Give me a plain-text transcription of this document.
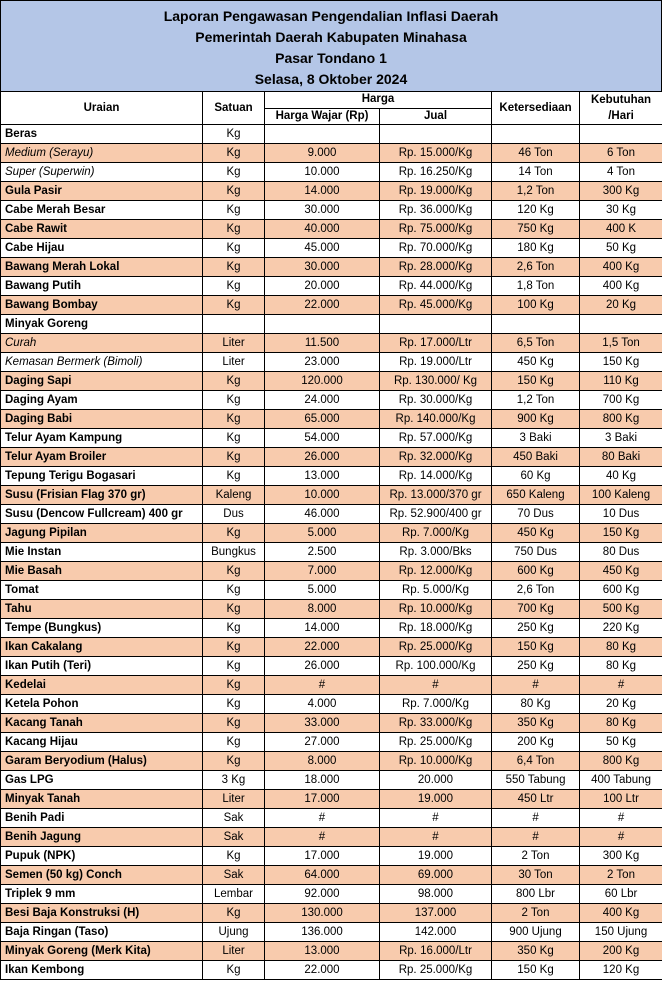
Laporan Pengawasan Pengendalian Inflasi Daerah
Pemerintah Daerah Kabupaten Minahasa
Pasar Tondano 1
Selasa, 8 Oktober 2024
Uraian	Satuan	Harga		Ketersediaan	Kebutuhan /Hari
		Harga Wajar (Rp)	Jual		
Beras	Kg				
Medium (Serayu)	Kg	9.000	Rp. 15.000/Kg	46 Ton	6 Ton
Super (Superwin)	Kg	10.000	Rp. 16.250/Kg	14 Ton	4 Ton
Gula Pasir	Kg	14.000	Rp. 19.000/Kg	1,2 Ton	300 Kg
Cabe Merah Besar	Kg	30.000	Rp. 36.000/Kg	120 Kg	30 Kg
Cabe Rawit	Kg	40.000	Rp. 75.000/Kg	750 Kg	400 K
Cabe Hijau	Kg	45.000	Rp. 70.000/Kg	180 Kg	50 Kg
Bawang Merah Lokal	Kg	30.000	Rp. 28.000/Kg	2,6 Ton	400 Kg
Bawang Putih	Kg	20.000	Rp. 44.000/Kg	1,8 Ton	400 Kg
Bawang Bombay	Kg	22.000	Rp. 45.000/Kg	100 Kg	20 Kg
Minyak Goreng					
Curah	Liter	11.500	Rp. 17.000/Ltr	6,5 Ton	1,5 Ton
Kemasan Bermerk (Bimoli)	Liter	23.000	Rp. 19.000/Ltr	450 Kg	150 Kg
Daging Sapi	Kg	120.000	Rp. 130.000/ Kg	150 Kg	110 Kg
Daging Ayam	Kg	24.000	Rp. 30.000/Kg	1,2 Ton	700 Kg
Daging Babi	Kg	65.000	Rp. 140.000/Kg	900 Kg	800 Kg
Telur Ayam Kampung	Kg	54.000	Rp. 57.000/Kg	3 Baki	3 Baki
Telur Ayam Broiler	Kg	26.000	Rp. 32.000/Kg	450 Baki	80 Baki
Tepung Terigu Bogasari	Kg	13.000	Rp. 14.000/Kg	60 Kg	40 Kg
Susu (Frisian Flag 370 gr)	Kaleng	10.000	Rp. 13.000/370 gr	650 Kaleng	100 Kaleng
Susu (Dencow Fullcream) 400 gr	Dus	46.000	Rp. 52.900/400 gr	70 Dus	10 Dus
Jagung Pipilan	Kg	5.000	Rp. 7.000/Kg	450 Kg	150 Kg
Mie Instan	Bungkus	2.500	Rp. 3.000/Bks	750 Dus	80 Dus
Mie Basah	Kg	7.000	Rp. 12.000/Kg	600 Kg	450 Kg
Tomat	Kg	5.000	Rp. 5.000/Kg	2,6 Ton	600 Kg
Tahu	Kg	8.000	Rp. 10.000/Kg	700 Kg	500 Kg
Tempe (Bungkus)	Kg	14.000	Rp. 18.000/Kg	250 Kg	220 Kg
Ikan Cakalang	Kg	22.000	Rp. 25.000/Kg	150 Kg	80 Kg
Ikan Putih (Teri)	Kg	26.000	Rp. 100.000/Kg	250 Kg	80 Kg
Kedelai	Kg	#	#	#	#
Ketela Pohon	Kg	4.000	Rp. 7.000/Kg	80 Kg	20 Kg
Kacang Tanah	Kg	33.000	Rp. 33.000/Kg	350 Kg	80 Kg
Kacang Hijau	Kg	27.000	Rp. 25.000/Kg	200 Kg	50 Kg
Garam Beryodium (Halus)	Kg	8.000	Rp. 10.000/Kg	6,4 Ton	800 Kg
Gas LPG	3 Kg	18.000	20.000	550 Tabung	400 Tabung
Minyak Tanah	Liter	17.000	19.000	450 Ltr	100 Ltr
Benih Padi	Sak	#	#	#	#
Benih Jagung	Sak	#	#	#	#
Pupuk (NPK)	Kg	17.000	19.000	2 Ton	300 Kg
Semen (50 kg) Conch	Sak	64.000	69.000	30 Ton	2 Ton
Triplek 9 mm	Lembar	92.000	98.000	800 Lbr	60 Lbr
Besi Baja Konstruksi (H)	Kg	130.000	137.000	2 Ton	400 Kg
Baja Ringan (Taso)	Ujung	136.000	142.000	900 Ujung	150 Ujung
Minyak Goreng (Merk Kita)	Liter	13.000	Rp. 16.000/Ltr	350 Kg	200 Kg
Ikan Kembong	Kg	22.000	Rp. 25.000/Kg	150 Kg	120 Kg
